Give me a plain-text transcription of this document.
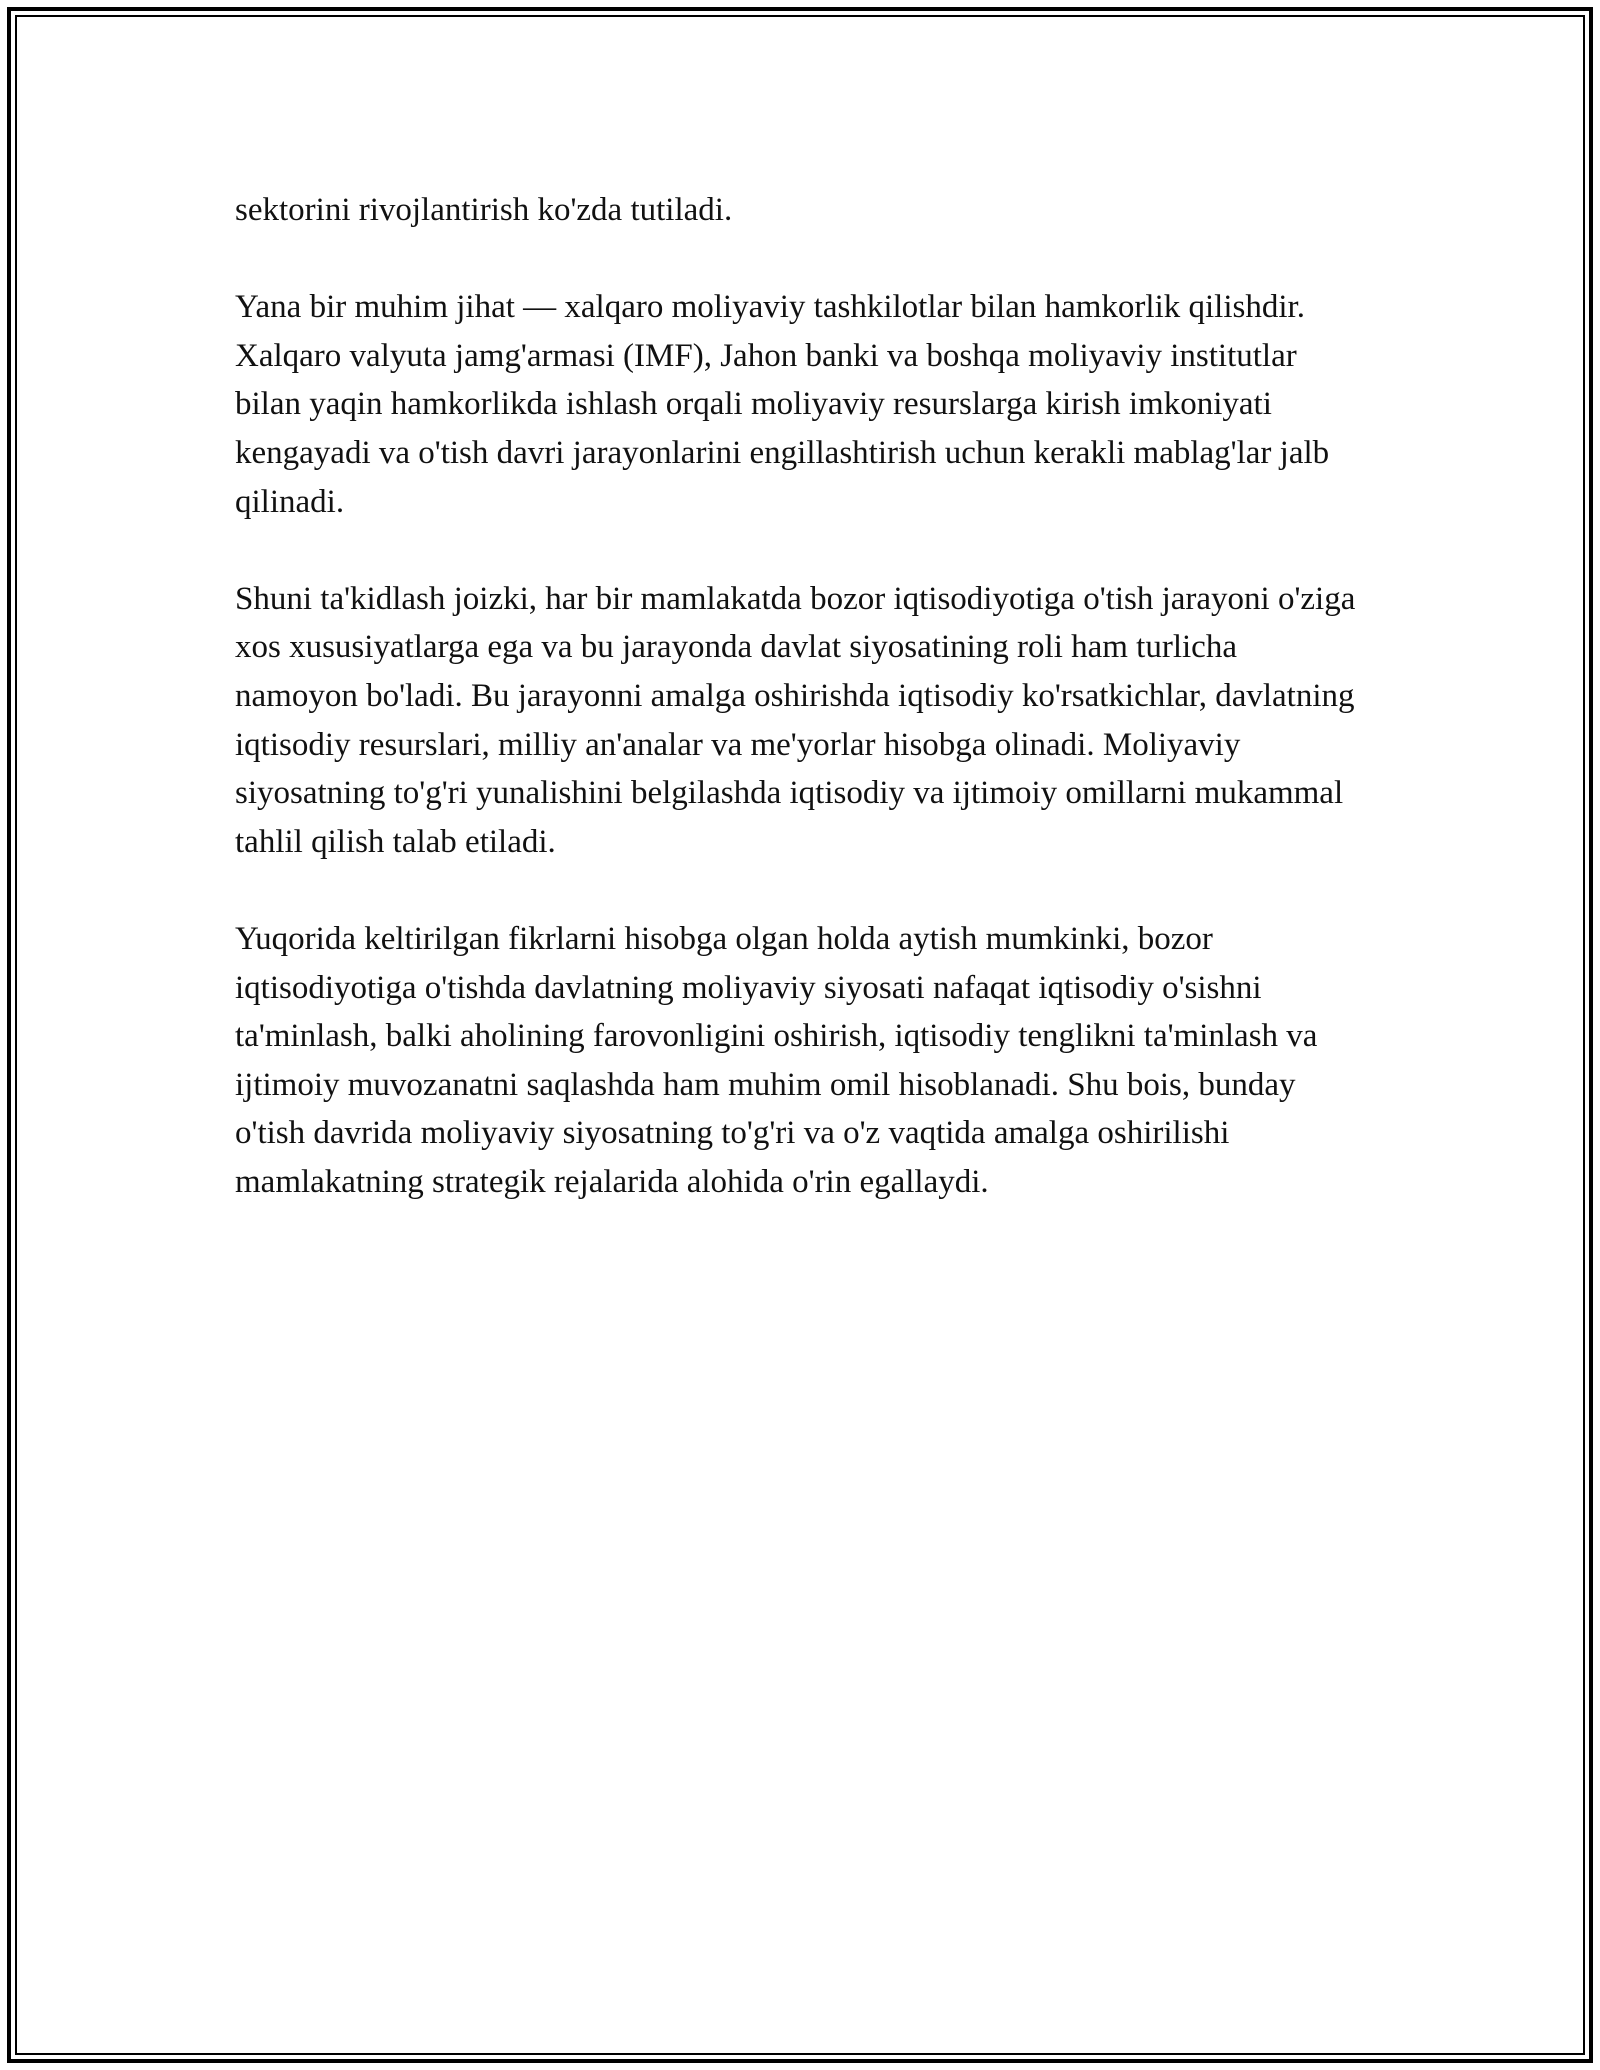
sektorini rivojlantirish ko'zda tutiladi.

Yana bir muhim jihat — xalqaro moliyaviy tashkilotlar bilan hamkorlik qilishdir. Xalqaro valyuta jamg'armasi (IMF), Jahon banki va boshqa moliyaviy institutlar bilan yaqin hamkorlikda ishlash orqali moliyaviy resurslarga kirish imkoniyati kengayadi va o'tish davri jarayonlarini engillashtirish uchun kerakli mablag'lar jalb qilinadi.

Shuni ta'kidlash joizki, har bir mamlakatda bozor iqtisodiyotiga o'tish jarayoni o'ziga xos xususiyatlarga ega va bu jarayonda davlat siyosatining roli ham turlicha namoyon bo'ladi. Bu jarayonni amalga oshirishda iqtisodiy ko'rsatkichlar, davlatning iqtisodiy resurslari, milliy an'analar va me'yorlar hisobga olinadi. Moliyaviy siyosatning to'g'ri yunalishini belgilashda iqtisodiy va ijtimoiy omillarni mukammal tahlil qilish talab etiladi.

Yuqorida keltirilgan fikrlarni hisobga olgan holda aytish mumkinki, bozor iqtisodiyotiga o'tishda davlatning moliyaviy siyosati nafaqat iqtisodiy o'sishni ta'minlash, balki aholining farovonligini oshirish, iqtisodiy tenglikni ta'minlash va ijtimoiy muvozanatni saqlashda ham muhim omil hisoblanadi. Shu bois, bunday o'tish davrida moliyaviy siyosatning to'g'ri va o'z vaqtida amalga oshirilishi mamlakatning strategik rejalarida alohida o'rin egallaydi.
